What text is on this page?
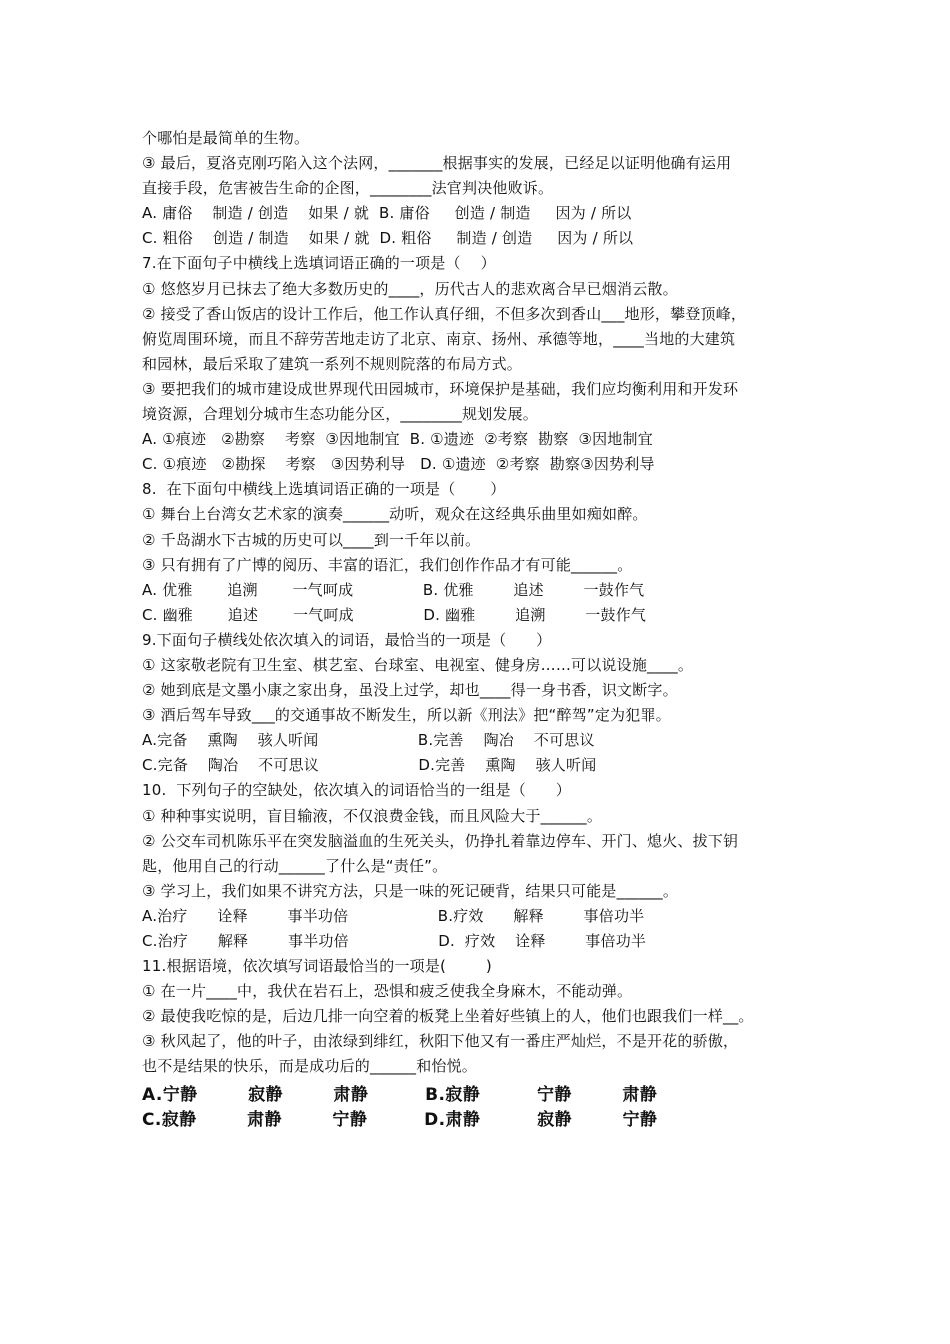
个哪怕是最简单的生物。
③ 最后，夏洛克刚巧陷入这个法网，_______根据事实的发展，已经足以证明他确有运用
直接手段，危害被告生命的企图，________法官判决他败诉。
A. 庸俗    制造 / 创造    如果 / 就  B. 庸俗     创造 / 制造     因为 / 所以
C. 粗俗    创造 / 制造    如果 / 就  D. 粗俗     制造 / 创造     因为 / 所以
7.在下面句子中横线上选填词语正确的一项是（    ）
① 悠悠岁月已抹去了绝大多数历史的____，历代古人的悲欢离合早已烟消云散。
② 接受了香山饭店的设计工作后，他工作认真仔细，不但多次到香山___地形，攀登顶峰，
俯览周围环境，而且不辞劳苦地走访了北京、南京、扬州、承德等地，____当地的大建筑
和园林，最后采取了建筑一系列不规则院落的布局方式。
③ 要把我们的城市建设成世界现代田园城市，环境保护是基础，我们应均衡利用和开发环
境资源，合理划分城市生态功能分区，________规划发展。
A. ①痕迹   ②勘察    考察  ③因地制宜  B. ①遗迹  ②考察  勘察  ③因地制宜
C. ①痕迹   ②勘探    考察   ③因势利导   D. ①遗迹  ②考察  勘察③因势利导
8.  在下面句中横线上选填词语正确的一项是（       ）
① 舞台上台湾女艺术家的演奏______动听，观众在这经典乐曲里如痴如醉。
② 千岛湖水下古城的历史可以____到一千年以前。
③ 只有拥有了广博的阅历、丰富的语汇，我们创作作品才有可能______。
A. 优雅       追溯       一气呵成              B. 优雅        追述        一鼓作气
C. 幽雅       追述       一气呵成              D. 幽雅        追溯        一鼓作气
9.下面句子横线处依次填入的词语，最恰当的一项是（      ）
① 这家敬老院有卫生室、棋艺室、台球室、电视室、健身房……可以说设施____。
② 她到底是文墨小康之家出身，虽没上过学，却也____得一身书香，识文断字。
③ 酒后驾车导致___的交通事故不断发生，所以新《刑法》把“醉驾”定为犯罪。
A.完备    熏陶    骇人听闻                    B.完善    陶冶    不可思议
C.完备    陶冶    不可思议                    D.完善    熏陶    骇人听闻
10.  下列句子的空缺处，依次填入的词语恰当的一组是（      ）
① 种种事实说明，盲目输液，不仅浪费金钱，而且风险大于______。
② 公交车司机陈乐平在突发脑溢血的生死关头，仍挣扎着靠边停车、开门、熄火、拔下钥
匙，他用自己的行动______了什么是“责任”。
③ 学习上，我们如果不讲究方法，只是一味的死记硬背，结果只可能是______。
A.治疗      诠释        事半功倍                  B.疗效      解释        事倍功半
C.治疗      解释        事半功倍                  D.  疗效    诠释        事倍功半
11.根据语境，依次填写词语最恰当的一项是(        )
① 在一片____中，我伏在岩石上，恐惧和疲乏使我全身麻木，不能动弹。
② 最使我吃惊的是，后边几排一向空着的板凳上坐着好些镇上的人，他们也跟我们一样__。
③ 秋风起了，他的叶子，由浓绿到绯红，秋阳下他又有一番庄严灿烂，不是开花的骄傲，
也不是结果的快乐，而是成功后的______和怡悦。
A.宁静        寂静        肃静         B.寂静         宁静        肃静
C.寂静        肃静        宁静         D.肃静         寂静        宁静
